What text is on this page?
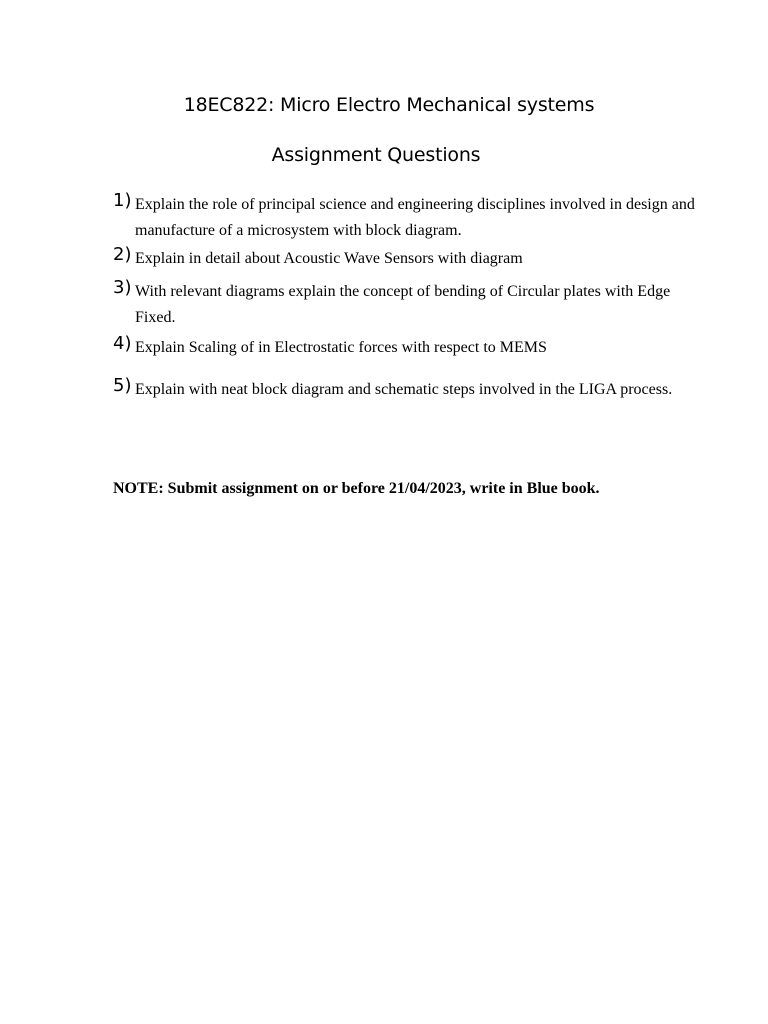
18EC822: Micro Electro Mechanical systems
Assignment Questions
1) Explain the role of principal science and engineering disciplines involved in design and manufacture of a microsystem with block diagram.
2) Explain in detail about Acoustic Wave Sensors with diagram
3) With relevant diagrams explain the concept of bending of Circular plates with Edge Fixed.
4) Explain Scaling of in Electrostatic forces with respect to MEMS
5) Explain with neat block diagram and schematic steps involved in the LIGA process.
NOTE: Submit assignment on or before 21/04/2023, write in Blue book.
